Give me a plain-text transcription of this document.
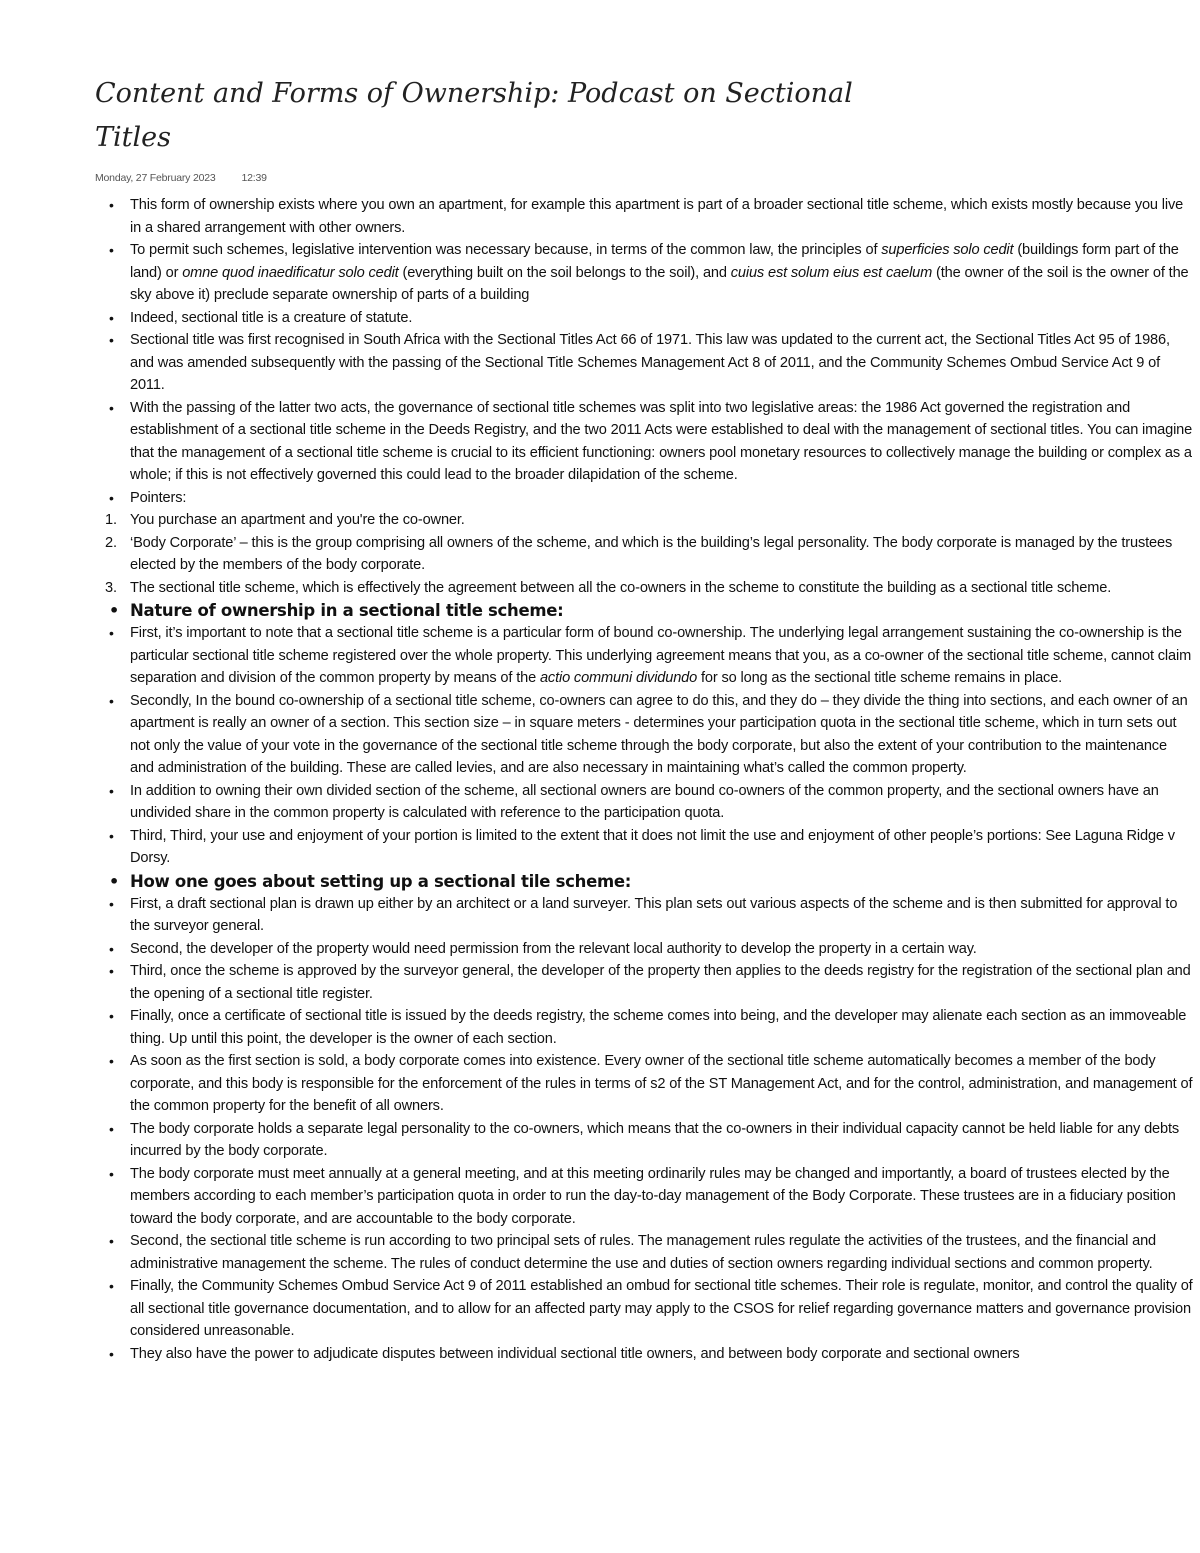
Content and Forms of Ownership: Podcast on Sectional Titles
Monday, 27 February 2023 12:39
• This form of ownership exists where you own an apartment, for example this apartment is part of a broader sectional title scheme, which exists mostly because you live in a shared arrangement with other owners.
• To permit such schemes, legislative intervention was necessary because, in terms of the common law, the principles of superficies solo cedit (buildings form part of the land) or omne quod inaedificatur solo cedit (everything built on the soil belongs to the soil), and cuius est solum eius est caelum (the owner of the soil is the owner of the sky above it) preclude separate ownership of parts of a building
• Indeed, sectional title is a creature of statute.
• Sectional title was first recognised in South Africa with the Sectional Titles Act 66 of 1971. This law was updated to the current act, the Sectional Titles Act 95 of 1986, and was amended subsequently with the passing of the Sectional Title Schemes Management Act 8 of 2011, and the Community Schemes Ombud Service Act 9 of 2011.
• With the passing of the latter two acts, the governance of sectional title schemes was split into two legislative areas: the 1986 Act governed the registration and establishment of a sectional title scheme in the Deeds Registry, and the two 2011 Acts were established to deal with the management of sectional titles. You can imagine that the management of a sectional title scheme is crucial to its efficient functioning: owners pool monetary resources to collectively manage the building or complex as a whole; if this is not effectively governed this could lead to the broader dilapidation of the scheme.
• Pointers:
1. You purchase an apartment and you're the co-owner.
2. ‘Body Corporate’ – this is the group comprising all owners of the scheme, and which is the building’s legal personality. The body corporate is managed by the trustees elected by the members of the body corporate.
3. The sectional title scheme, which is effectively the agreement between all the co-owners in the scheme to constitute the building as a sectional title scheme.
• Nature of ownership in a sectional title scheme:
• First, it’s important to note that a sectional title scheme is a particular form of bound co-ownership. The underlying legal arrangement sustaining the co-ownership is the particular sectional title scheme registered over the whole property. This underlying agreement means that you, as a co-owner of the sectional title scheme, cannot claim separation and division of the common property by means of the actio communi dividundo for so long as the sectional title scheme remains in place.
• Secondly, In the bound co-ownership of a sectional title scheme, co-owners can agree to do this, and they do – they divide the thing into sections, and each owner of an apartment is really an owner of a section. This section size – in square meters - determines your participation quota in the sectional title scheme, which in turn sets out not only the value of your vote in the governance of the sectional title scheme through the body corporate, but also the extent of your contribution to the maintenance and administration of the building. These are called levies, and are also necessary in maintaining what’s called the common property.
• In addition to owning their own divided section of the scheme, all sectional owners are bound co-owners of the common property, and the sectional owners have an undivided share in the common property is calculated with reference to the participation quota.
• Third, Third, your use and enjoyment of your portion is limited to the extent that it does not limit the use and enjoyment of other people’s portions: See Laguna Ridge v Dorsy.
• How one goes about setting up a sectional tile scheme:
• First, a draft sectional plan is drawn up either by an architect or a land surveyer. This plan sets out various aspects of the scheme and is then submitted for approval to the surveyor general.
• Second, the developer of the property would need permission from the relevant local authority to develop the property in a certain way.
• Third, once the scheme is approved by the surveyor general, the developer of the property then applies to the deeds registry for the registration of the sectional plan and the opening of a sectional title register.
• Finally, once a certificate of sectional title is issued by the deeds registry, the scheme comes into being, and the developer may alienate each section as an immoveable thing. Up until this point, the developer is the owner of each section.
• As soon as the first section is sold, a body corporate comes into existence. Every owner of the sectional title scheme automatically becomes a member of the body corporate, and this body is responsible for the enforcement of the rules in terms of s2 of the ST Management Act, and for the control, administration, and management of the common property for the benefit of all owners.
• The body corporate holds a separate legal personality to the co-owners, which means that the co-owners in their individual capacity cannot be held liable for any debts incurred by the body corporate.
• The body corporate must meet annually at a general meeting, and at this meeting ordinarily rules may be changed and importantly, a board of trustees elected by the members according to each member’s participation quota in order to run the day-to-day management of the Body Corporate. These trustees are in a fiduciary position toward the body corporate, and are accountable to the body corporate.
• Second, the sectional title scheme is run according to two principal sets of rules. The management rules regulate the activities of the trustees, and the financial and administrative management the scheme. The rules of conduct determine the use and duties of section owners regarding individual sections and common property.
• Finally, the Community Schemes Ombud Service Act 9 of 2011 established an ombud for sectional title schemes. Their role is regulate, monitor, and control the quality of all sectional title governance documentation, and to allow for an affected party may apply to the CSOS for relief regarding governance matters and governance provision considered unreasonable.
• They also have the power to adjudicate disputes between individual sectional title owners, and between body corporate and sectional owners
